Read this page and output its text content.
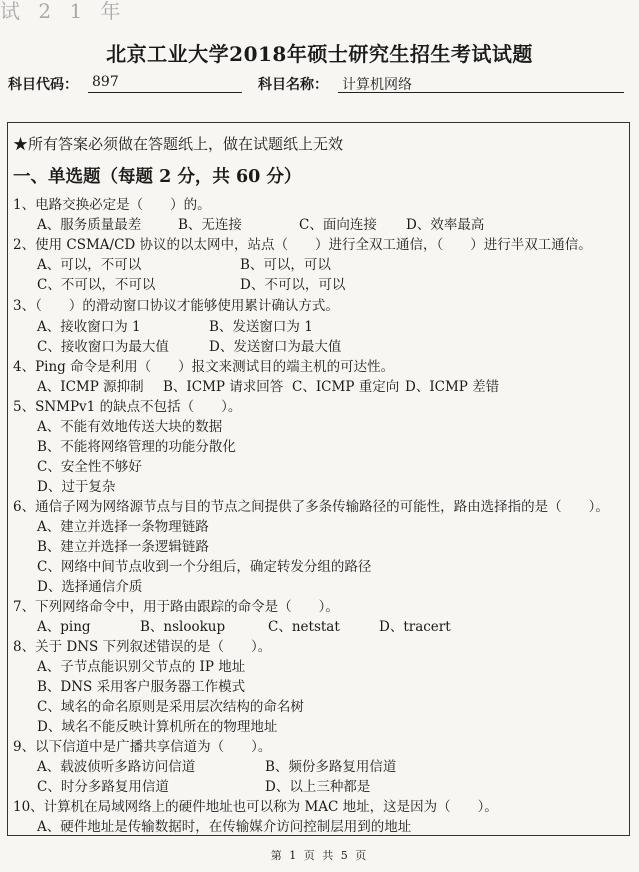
试 2 1 年
北京工业大学2018年硕士研究生招生考试试题
科目代码： 897	科目名称： 计算机网络
★所有答案必须做在答题纸上，做在试题纸上无效
一、单选题（每题 2 分，共 60 分）
1、电路交换必定是（　　）的。
A、服务质量最差	B、无连接	C、面向连接 D、效率最高
2、使用 CSMA/CD 协议的以太网中，站点（　　）进行全双工通信，（　　）进行半双工通信。
A、可以，不可以	B、可以，可以
C、不可以，不可以	D、不可以，可以
3、（　　）的滑动窗口协议才能够使用累计确认方式。
A、接收窗口为 1	B、发送窗口为 1
C、接收窗口为最大值	D、发送窗口为最大值
4、Ping 命令是利用（　　）报文来测试目的端主机的可达性。
A、ICMP 源抑制 B、ICMP 请求回答 C、ICMP 重定向 D、ICMP 差错
5、SNMPv1 的缺点不包括（　　）。
A、不能有效地传送大块的数据
B、不能将网络管理的功能分散化
C、安全性不够好
D、过于复杂
6、通信子网为网络源节点与目的节点之间提供了多条传输路径的可能性，路由选择指的是（　　）。
A、建立并选择一条物理链路
B、建立并选择一条逻辑链路
C、网络中间节点收到一个分组后，确定转发分组的路径
D、选择通信介质
7、下列网络命令中，用于路由跟踪的命令是（　　）。
A、ping	B、nslookup	C、netstat	D、tracert
8、关于 DNS 下列叙述错误的是（　　）。
A、子节点能识别父节点的 IP 地址
B、DNS 采用客户服务器工作模式
C、域名的命名原则是采用层次结构的命名树
D、域名不能反映计算机所在的物理地址
9、以下信道中是广播共享信道为（　　）。
A、载波侦听多路访问信道	B、频份多路复用信道
C、时分多路复用信道	D、以上三种都是
10、计算机在局域网络上的硬件地址也可以称为 MAC 地址，这是因为（　　）。
A、硬件地址是传输数据时，在传输媒介访问控制层用到的地址
第 1 页 共 5 页
